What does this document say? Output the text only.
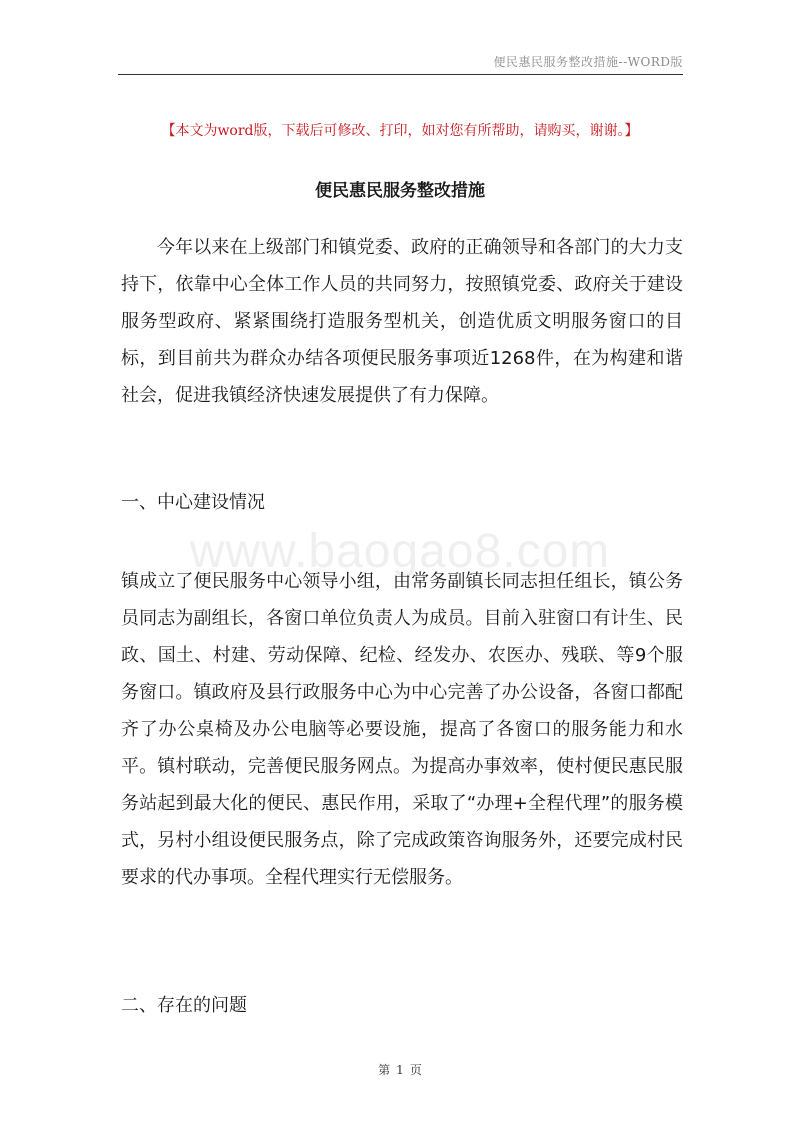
便民惠民服务整改措施--WORD版
【本文为word版，下载后可修改、打印，如对您有所帮助，请购买，谢谢。】
便民惠民服务整改措施
今年以来在上级部门和镇党委、政府的正确领导和各部门的大力支持下，依靠中心全体工作人员的共同努力，按照镇党委、政府关于建设服务型政府、紧紧围绕打造服务型机关，创造优质文明服务窗口的目标，到目前共为群众办结各项便民服务事项近1268件，在为构建和谐社会，促进我镇经济快速发展提供了有力保障。
一、中心建设情况
www.baogao8.com
镇成立了便民服务中心领导小组，由常务副镇长同志担任组长，镇公务员同志为副组长，各窗口单位负责人为成员。目前入驻窗口有计生、民政、国土、村建、劳动保障、纪检、经发办、农医办、残联、等9个服务窗口。镇政府及县行政服务中心为中心完善了办公设备，各窗口都配齐了办公桌椅及办公电脑等必要设施，提高了各窗口的服务能力和水平。镇村联动，完善便民服务网点。为提高办事效率，使村便民惠民服务站起到最大化的便民、惠民作用，采取了“办理+全程代理”的服务模式，另村小组设便民服务点，除了完成政策咨询服务外，还要完成村民要求的代办事项。全程代理实行无偿服务。
二、存在的问题
第 1 页
